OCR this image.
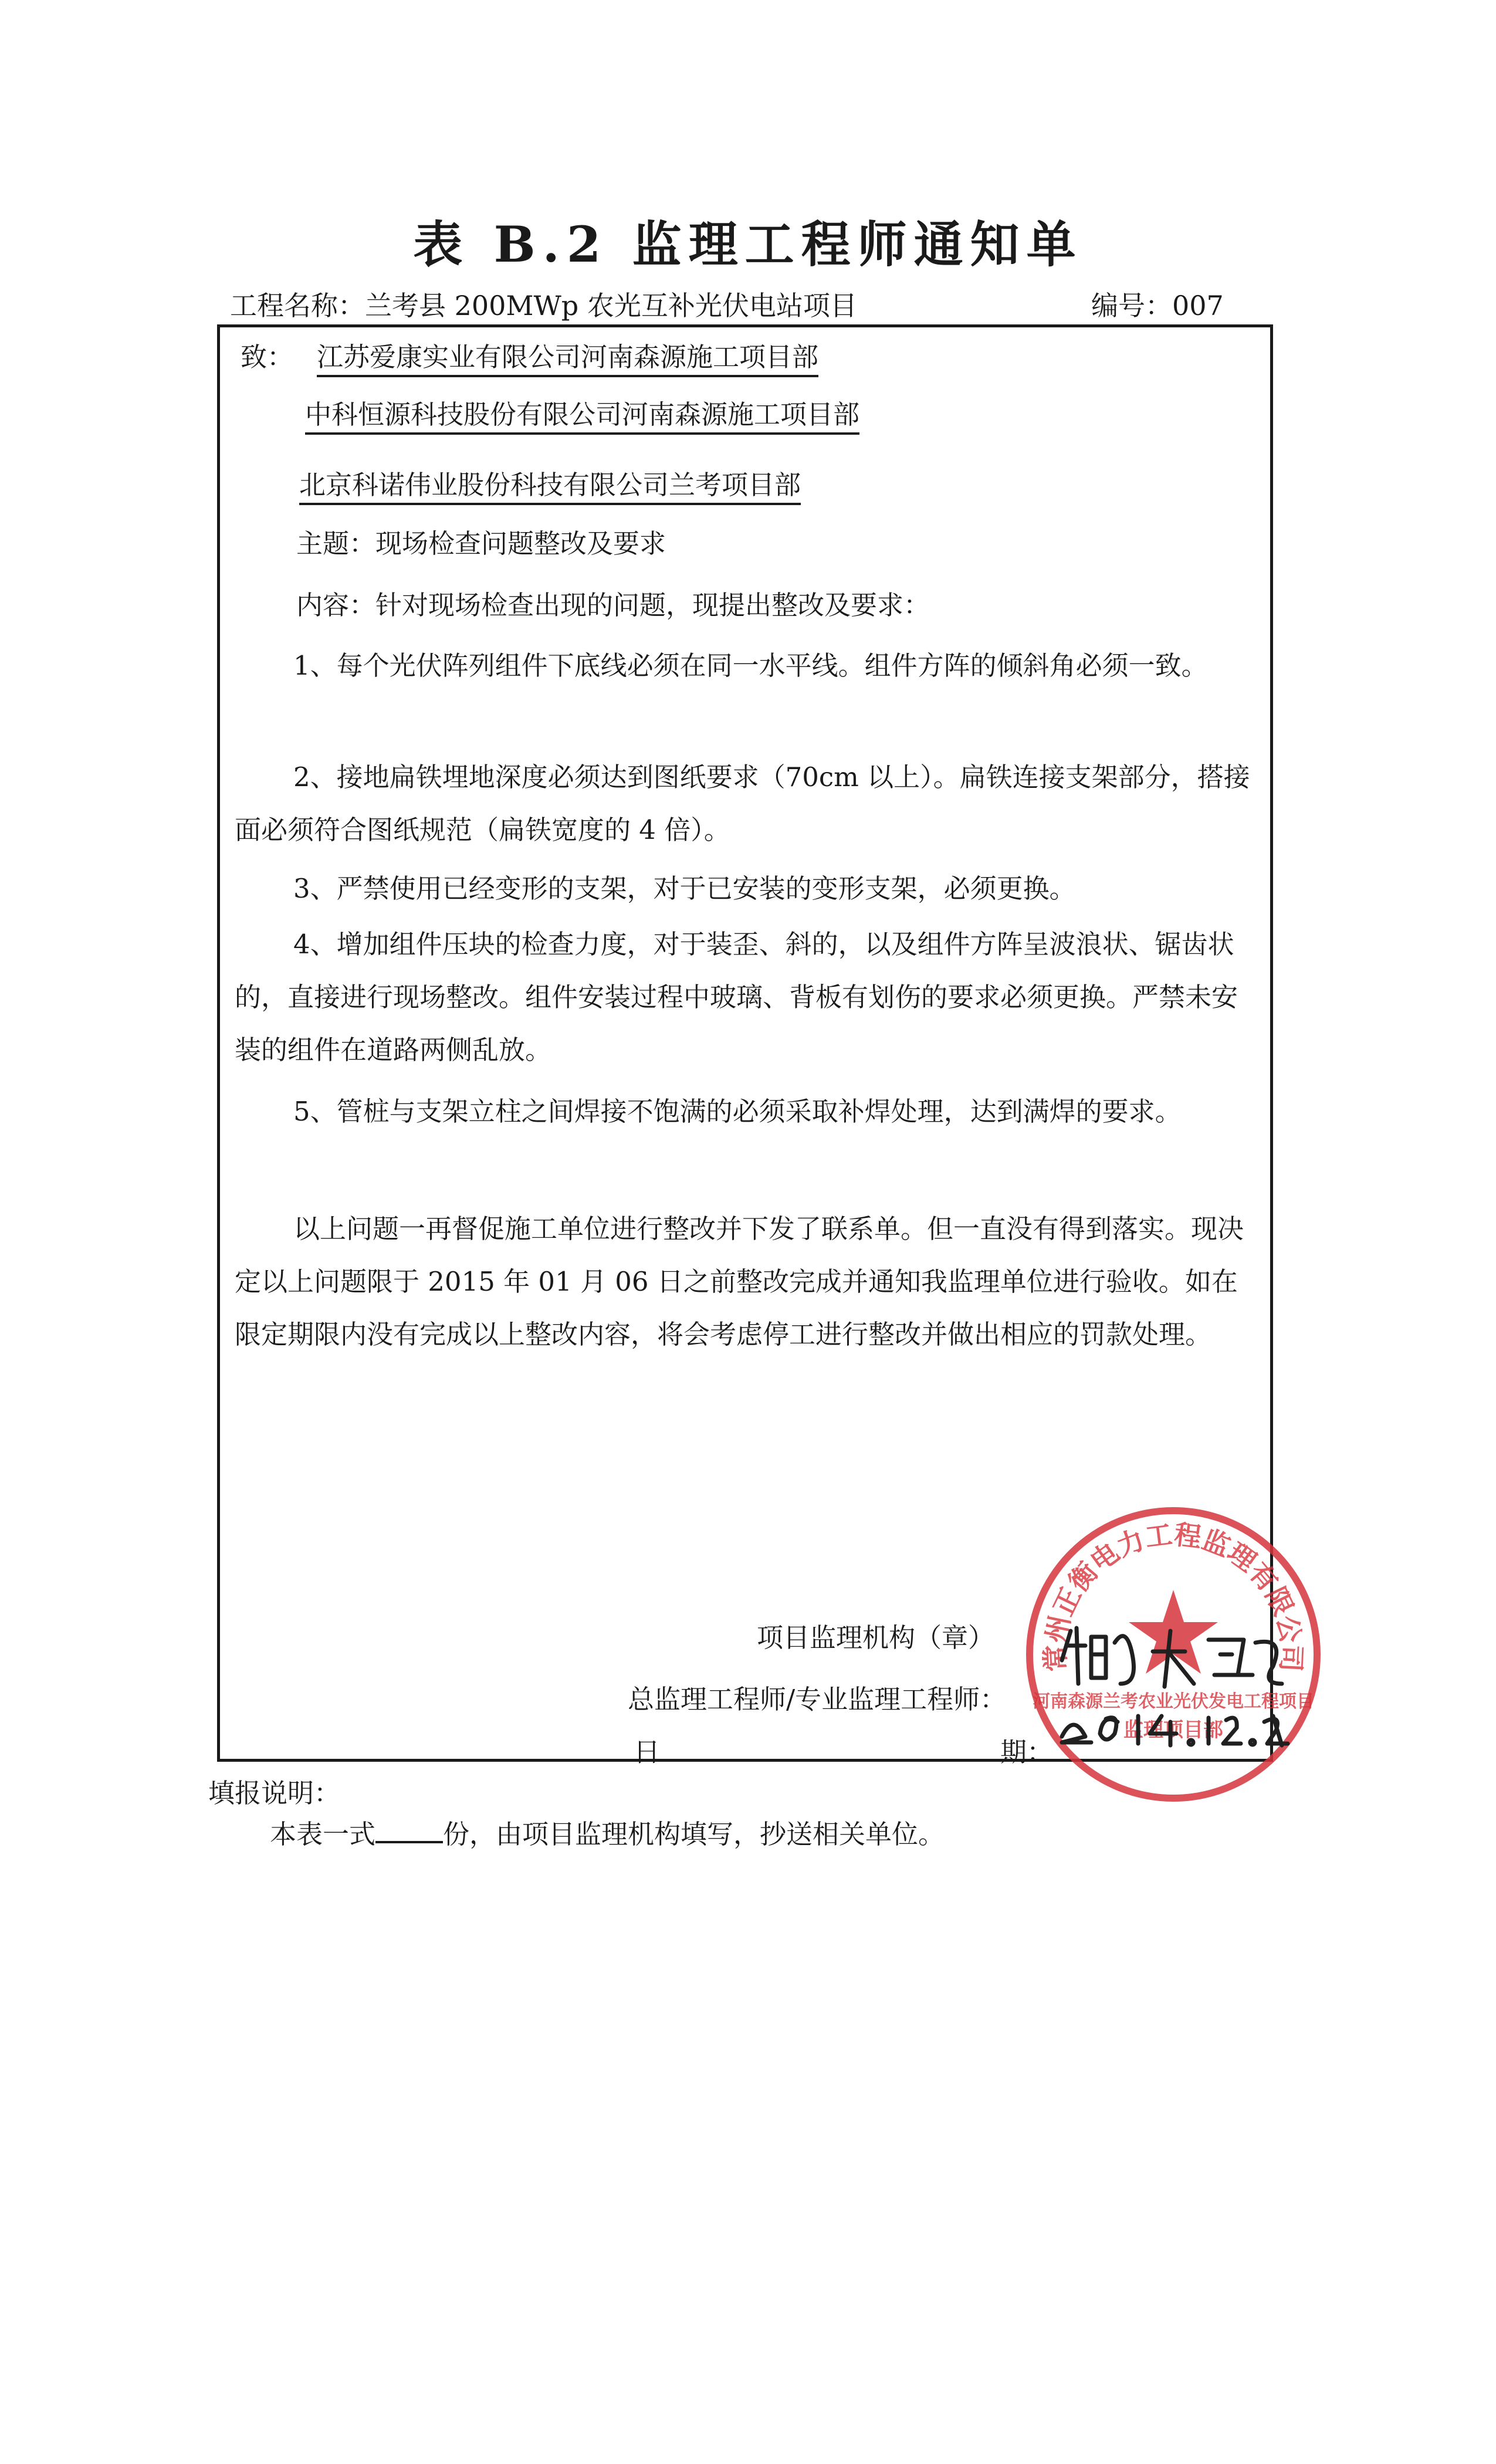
表 B.2 监理工程师通知单
工程名称：兰考县 200MWp 农光互补光伏电站项目	编号：007
致： 江苏爱康实业有限公司河南森源施工项目部
中科恒源科技股份有限公司河南森源施工项目部
北京科诺伟业股份科技有限公司兰考项目部
主题：现场检查问题整改及要求
内容：针对现场检查出现的问题，现提出整改及要求：
1、每个光伏阵列组件下底线必须在同一水平线。组件方阵的倾斜角必须一致。
2、接地扁铁埋地深度必须达到图纸要求（70cm 以上）。扁铁连接支架部分，搭接面必须符合图纸规范（扁铁宽度的 4 倍）。
3、严禁使用已经变形的支架，对于已安装的变形支架，必须更换。
4、增加组件压块的检查力度，对于装歪、斜的，以及组件方阵呈波浪状、锯齿状的，直接进行现场整改。组件安装过程中玻璃、背板有划伤的要求必须更换。严禁未安装的组件在道路两侧乱放。
5、管桩与支架立柱之间焊接不饱满的必须采取补焊处理，达到满焊的要求。
以上问题一再督促施工单位进行整改并下发了联系单。但一直没有得到落实。现决定以上问题限于 2015 年 01 月 06 日之前整改完成并通知我监理单位进行验收。如在限定期限内没有完成以上整改内容，将会考虑停工进行整改并做出相应的罚款处理。
常州正衡电力工程监理有限公司
河南森源兰考农业光伏发电工程项目
监理项目部
项目监理机构（章）
总监理工程师/专业监理工程师：
日	期：
填报说明：
本表一式	份，由项目监理机构填写，抄送相关单位。
